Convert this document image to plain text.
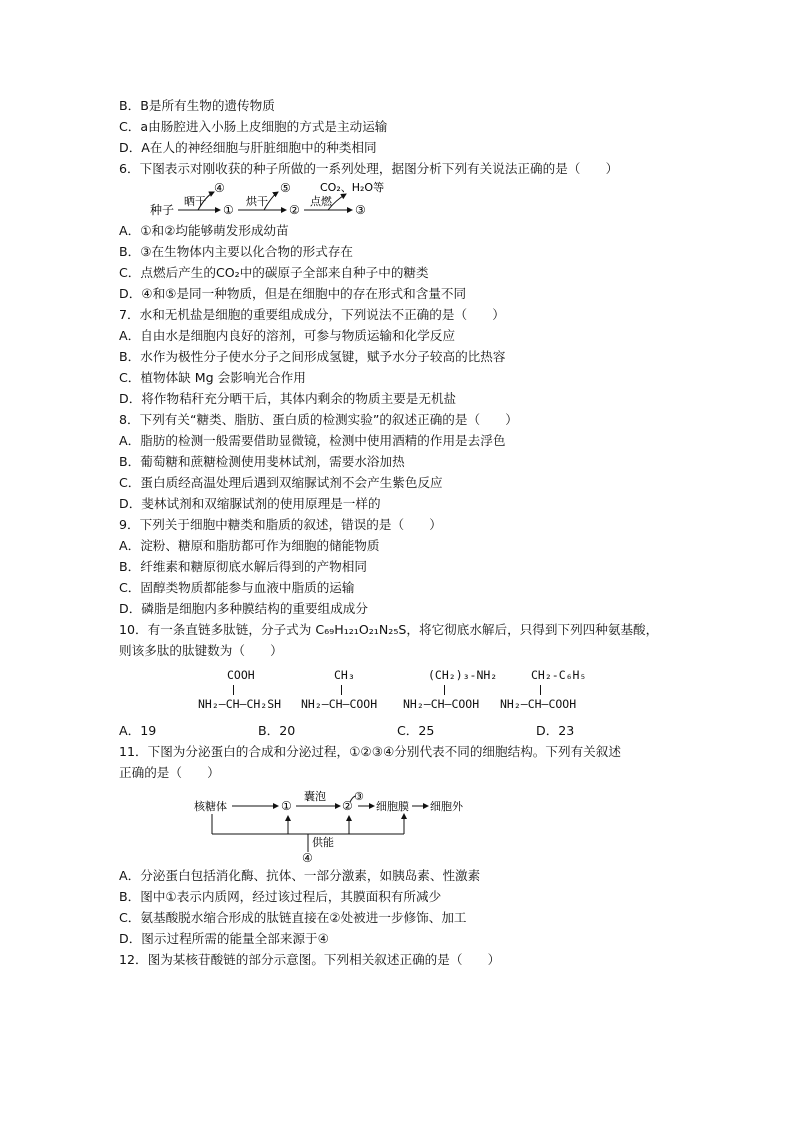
B．B是所有生物的遗传物质
C．a由肠腔进入小肠上皮细胞的方式是主动运输
D．A在人的神经细胞与肝脏细胞中的种类相同
6．下图表示对刚收获的种子所做的一系列处理，据图分析下列有关说法正确的是（　　）
种子
晒干
④
①
烘干
⑤
②
点燃
CO₂、H₂O等
③
A．①和②均能够萌发形成幼苗
B．③在生物体内主要以化合物的形式存在
C．点燃后产生的CO₂中的碳原子全部来自种子中的糖类
D．④和⑤是同一种物质，但是在细胞中的存在形式和含量不同
7．水和无机盐是细胞的重要组成成分，下列说法不正确的是（　　）
A．自由水是细胞内良好的溶剂，可参与物质运输和化学反应
B．水作为极性分子使水分子之间形成氢键，赋予水分子较高的比热容
C．植物体缺 Mg 会影响光合作用
D．将作物秸秆充分晒干后，其体内剩余的物质主要是无机盐
8．下列有关“糖类、脂肪、蛋白质的检测实验”的叙述正确的是（　　）
A．脂肪的检测一般需要借助显微镜，检测中使用酒精的作用是去浮色
B．葡萄糖和蔗糖检测使用斐林试剂，需要水浴加热
C．蛋白质经高温处理后遇到双缩脲试剂不会产生紫色反应
D．斐林试剂和双缩脲试剂的使用原理是一样的
9．下列关于细胞中糖类和脂质的叙述，错误的是（　　）
A．淀粉、糖原和脂肪都可作为细胞的储能物质
B．纤维素和糖原彻底水解后得到的产物相同
C．固醇类物质都能参与血液中脂质的运输
D．磷脂是细胞内多种膜结构的重要组成成分
10．有一条直链多肽链，分子式为 C₆₉H₁₂₁O₂₁N₂₅S，将它彻底水解后，只得到下列四种氨基酸，
则该多肽的肽键数为（　　）
COOH
NH₂—CH—CH₂SH
CH₃
NH₂—CH—COOH
(CH₂)₃-NH₂
NH₂—CH—COOH
CH₂-C₆H₅
NH₂—CH—COOH
A．19	B．20	C．25	D．23
11．下图为分泌蛋白的合成和分泌过程，①②③④分别代表不同的细胞结构。下列有关叙述
正确的是（　　）
核糖体	①
囊泡
②
③
细胞膜 细胞外
供能
④
A．分泌蛋白包括消化酶、抗体、一部分激素，如胰岛素、性激素
B．图中①表示内质网，经过该过程后，其膜面积有所减少
C．氨基酸脱水缩合形成的肽链直接在②处被进一步修饰、加工
D．图示过程所需的能量全部来源于④
12．图为某核苷酸链的部分示意图。下列相关叙述正确的是（　　）
